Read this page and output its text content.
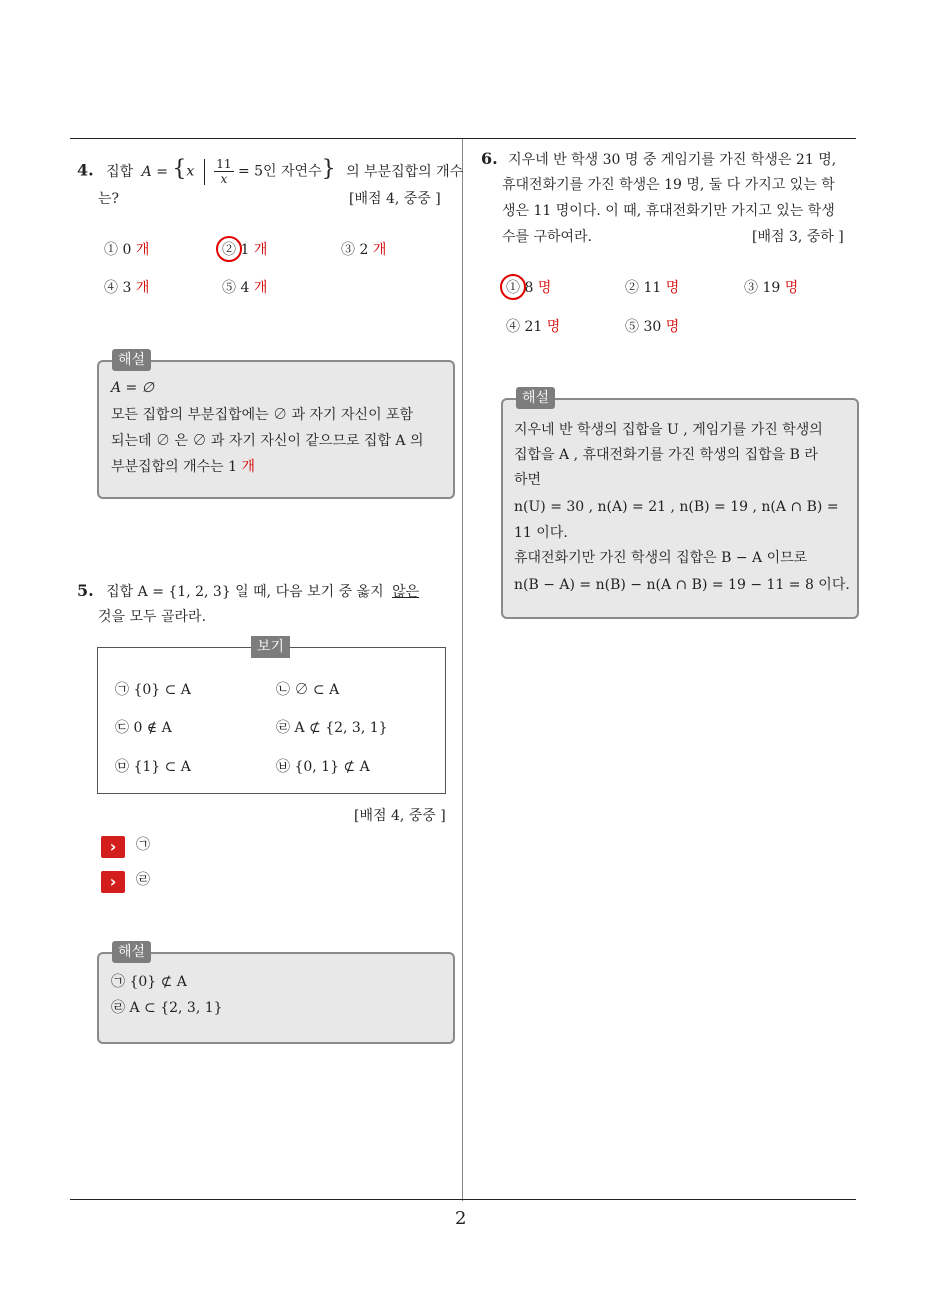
2
4. 집합 $A = \{x \frac{11}{x} = 5$인 자연수} 의 부분집합의 개수
는?	[배점 4, 중중 ]
① 0 개	② 1 개	③ 2 개
④ 3 개	⑤ 4 개
해설
A = ∅
모든 집합의 부분집합에는 ∅ 과 자기 자신이 포함
되는데 ∅ 은 ∅ 과 자기 자신이 같으므로 집합 A 의
부분집합의 개수는 1 개
5. 집합 A = {1, 2, 3} 일 때, 다음 보기 중 옳지 않은
것을 모두 골라라.
보기
㉠ {0} ⊂ A	㉡ ∅ ⊂ A
㉢ 0 ∉ A	㉣ A ⊄ {2, 3, 1}
㉤ {1} ⊂ A	㉥ {0, 1} ⊄ A
[배점 4, 중중 ]
›	㉠
›	㉣
해설
㉠ {0} ⊄ A
㉣ A ⊂ {2, 3, 1}
6. 지우네 반 학생 30 명 중 게임기를 가진 학생은 21 명,
휴대전화기를 가진 학생은 19 명, 둘 다 가지고 있는 학
생은 11 명이다. 이 때, 휴대전화기만 가지고 있는 학생
수를 구하여라.	[배점 3, 중하 ]
① 8 명	② 11 명	③ 19 명
④ 21 명	⑤ 30 명
해설
지우네 반 학생의 집합을 U , 게임기를 가진 학생의
집합을 A , 휴대전화기를 가진 학생의 집합을 B 라
하면
n(U) = 30 , n(A) = 21 , n(B) = 19 , n(A ∩ B) =
11 이다.
휴대전화기만 가진 학생의 집합은 B − A 이므로
n(B − A) = n(B) − n(A ∩ B) = 19 − 11 = 8 이다.
